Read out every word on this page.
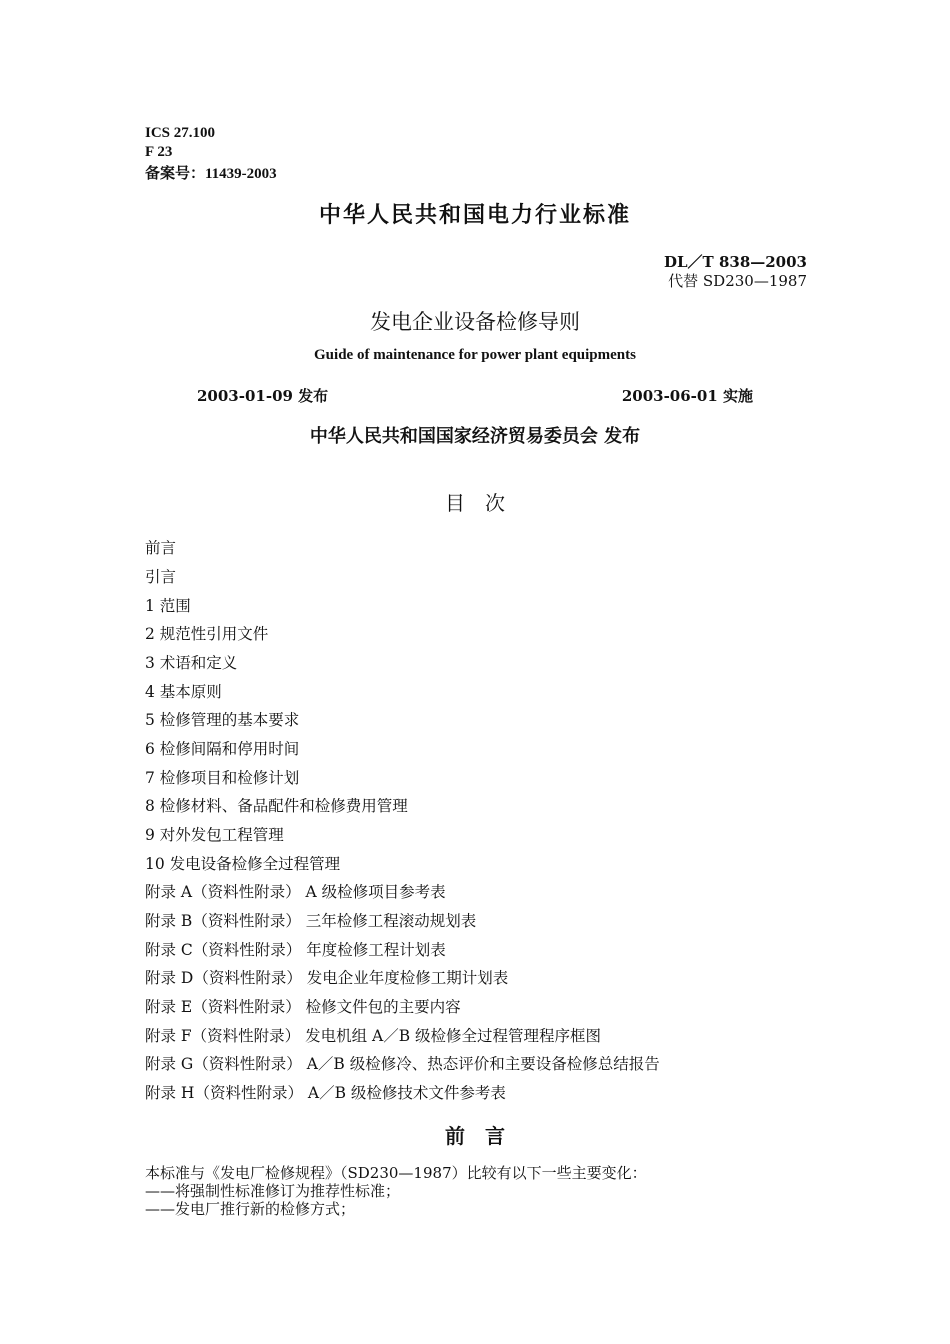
ICS 27.100
F 23
备案号：11439-2003
中华人民共和国电力行业标准
DL／T 838—2003
代替 SD230—1987
发电企业设备检修导则
Guide of maintenance for power plant equipments
2003-01-09 发布	2003-06-01 实施
中华人民共和国国家经济贸易委员会 发布
目　次
前言
引言
1 范围
2 规范性引用文件
3 术语和定义
4 基本原则
5 检修管理的基本要求
6 检修间隔和停用时间
7 检修项目和检修计划
8 检修材料、备品配件和检修费用管理
9 对外发包工程管理
10 发电设备检修全过程管理
附录 A（资料性附录） A 级检修项目参考表
附录 B（资料性附录） 三年检修工程滚动规划表
附录 C（资料性附录） 年度检修工程计划表
附录 D（资料性附录） 发电企业年度检修工期计划表
附录 E（资料性附录） 检修文件包的主要内容
附录 F（资料性附录） 发电机组 A／B 级检修全过程管理程序框图
附录 G（资料性附录） A／B 级检修冷、热态评价和主要设备检修总结报告
附录 H（资料性附录） A／B 级检修技术文件参考表
前　言
本标准与《发电厂检修规程》（SD230—1987）比较有以下一些主要变化：
——将强制性标准修订为推荐性标准；
——发电厂推行新的检修方式；
